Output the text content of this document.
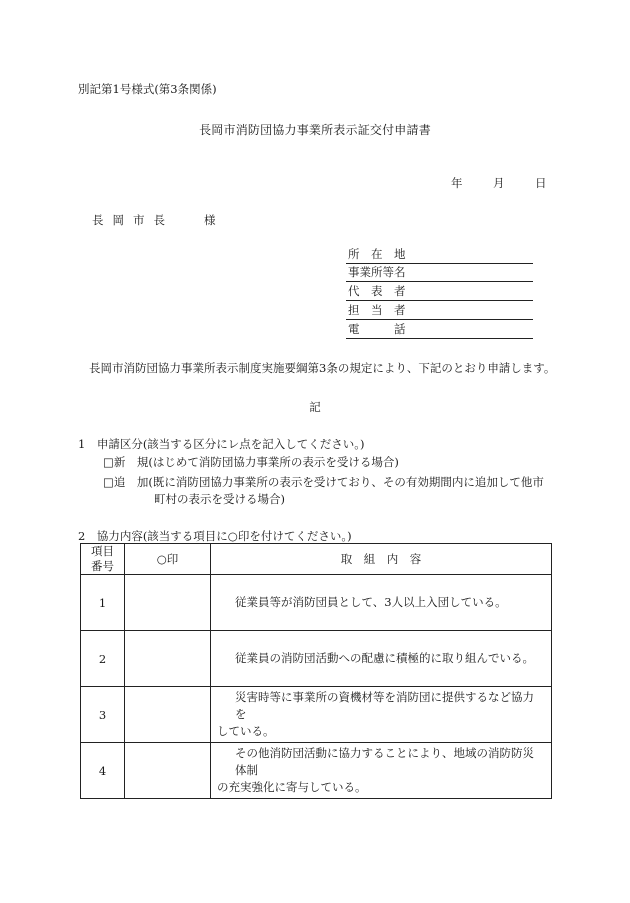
別記第1号様式(第3条関係)
長岡市消防団協力事業所表示証交付申請書
年	月	日
長岡市長	様
所　在　地
事業所等名
代　表　者
担　当　者
電　　　話
長岡市消防団協力事業所表示制度実施要綱第3条の規定により、下記のとおり申請します。
記
1　申請区分(該当する区分にレ点を記入してください。)
□新　規(はじめて消防団協力事業所の表示を受ける場合)
□追　加(既に消防団協力事業所の表示を受けており、その有効期間内に追加して他市
町村の表示を受ける場合)
2　協力内容(該当する項目に○印を付けてください。)
項目
番号	○印	取　組　内　容
1		従業員等が消防団員として、3人以上入団している。

2		従業員の消防団活動への配慮に積極的に取り組んでいる。

3		災害時等に事業所の資機材等を消防団に提供するなど協力を
している。

4		その他消防団活動に協力することにより、地域の消防防災体制
の充実強化に寄与している。
